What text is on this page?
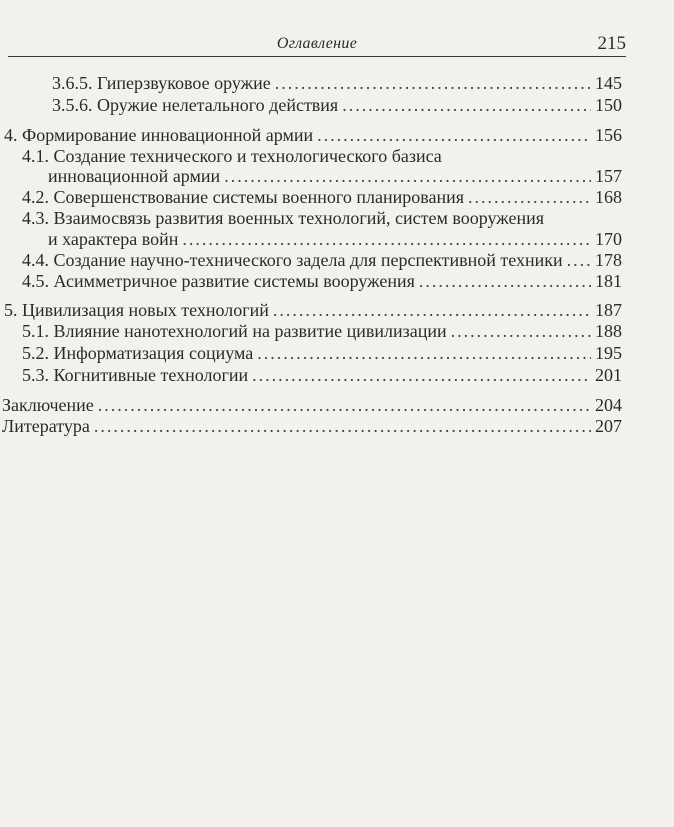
Оглавление	215
3.6.5. Гиперзвуковое оружие .....	145
3.5.6. Оружие нелетального действия .....	150
4. Формирование инновационной армии .....	156
4.1. Создание технического и технологического базиса
инновационной армии .....	157
4.2. Совершенствование системы военного планирования .....	168
4.3. Взаимосвязь развития военных технологий, систем вооружения
и характера войн .....	170
4.4. Создание научно-технического задела для перспективной техники ..... 178
4.5. Асимметричное развитие системы вооружения .....	181
5. Цивилизация новых технологий .....	187
5.1. Влияние нанотехнологий на развитие цивилизации .....	188
5.2. Информатизация социума .....	195
5.3. Когнитивные технологии .....	201
Заключение .....	204
Литература .....	207
